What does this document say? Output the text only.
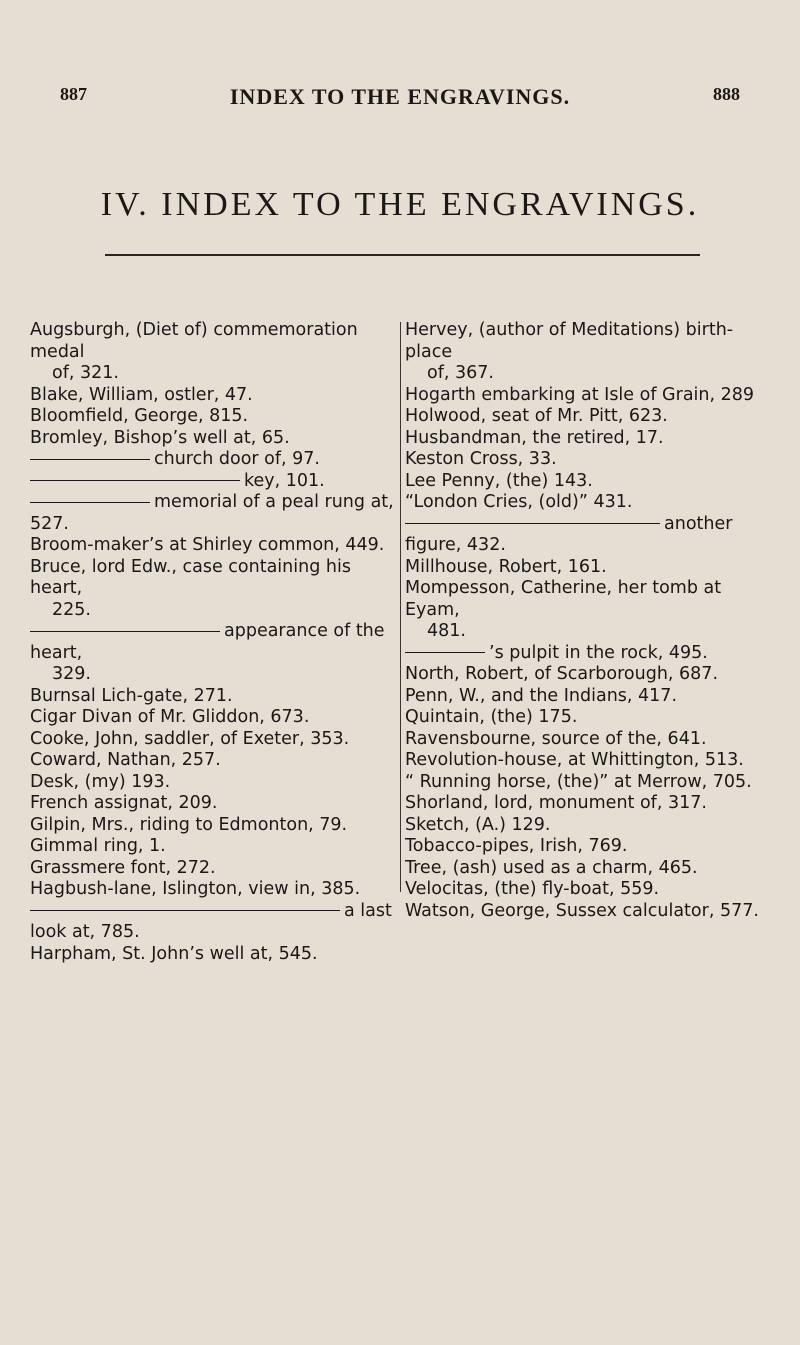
887	INDEX TO THE ENGRAVINGS.	888
IV. INDEX TO THE ENGRAVINGS.

Augsburgh, (Diet of) commemoration medal

of, 321.

Blake, William, ostler, 47.

Bloomfield, George, 815.

Bromley, Bishop’s well at, 65.

church door of, 97.

key, 101.

memorial of a peal rung at, 527.

Broom-maker’s at Shirley common, 449.

Bruce, lord Edw., case containing his heart,

225.

appearance of the heart,

329.

Burnsal Lich-gate, 271.

Cigar Divan of Mr. Gliddon, 673.

Cooke, John, saddler, of Exeter, 353.

Coward, Nathan, 257.

Desk, (my) 193.

French assignat, 209.

Gilpin, Mrs., riding to Edmonton, 79.

Gimmal ring, 1.

Grassmere font, 272.

Hagbush-lane, Islington, view in, 385.

a last look at, 785.

Harpham, St. John’s well at, 545.

Hervey, (author of Meditations) birth-place

of, 367.

Hogarth embarking at Isle of Grain, 289

Holwood, seat of Mr. Pitt, 623.

Husbandman, the retired, 17.

Keston Cross, 33.

Lee Penny, (the) 143.

“London Cries, (old)” 431.

another figure, 432.

Millhouse, Robert, 161.

Mompesson, Catherine, her tomb at Eyam,

481.

’s pulpit in the rock, 495.

North, Robert, of Scarborough, 687.

Penn, W., and the Indians, 417.

Quintain, (the) 175.

Ravensbourne, source of the, 641.

Revolution-house, at Whittington, 513.

“ Running horse, (the)” at Merrow, 705.

Shorland, lord, monument of, 317.

Sketch, (A.) 129.

Tobacco-pipes, Irish, 769.

Tree, (ash) used as a charm, 465.

Velocitas, (the) fly-boat, 559.

Watson, George, Sussex calculator, 577.
